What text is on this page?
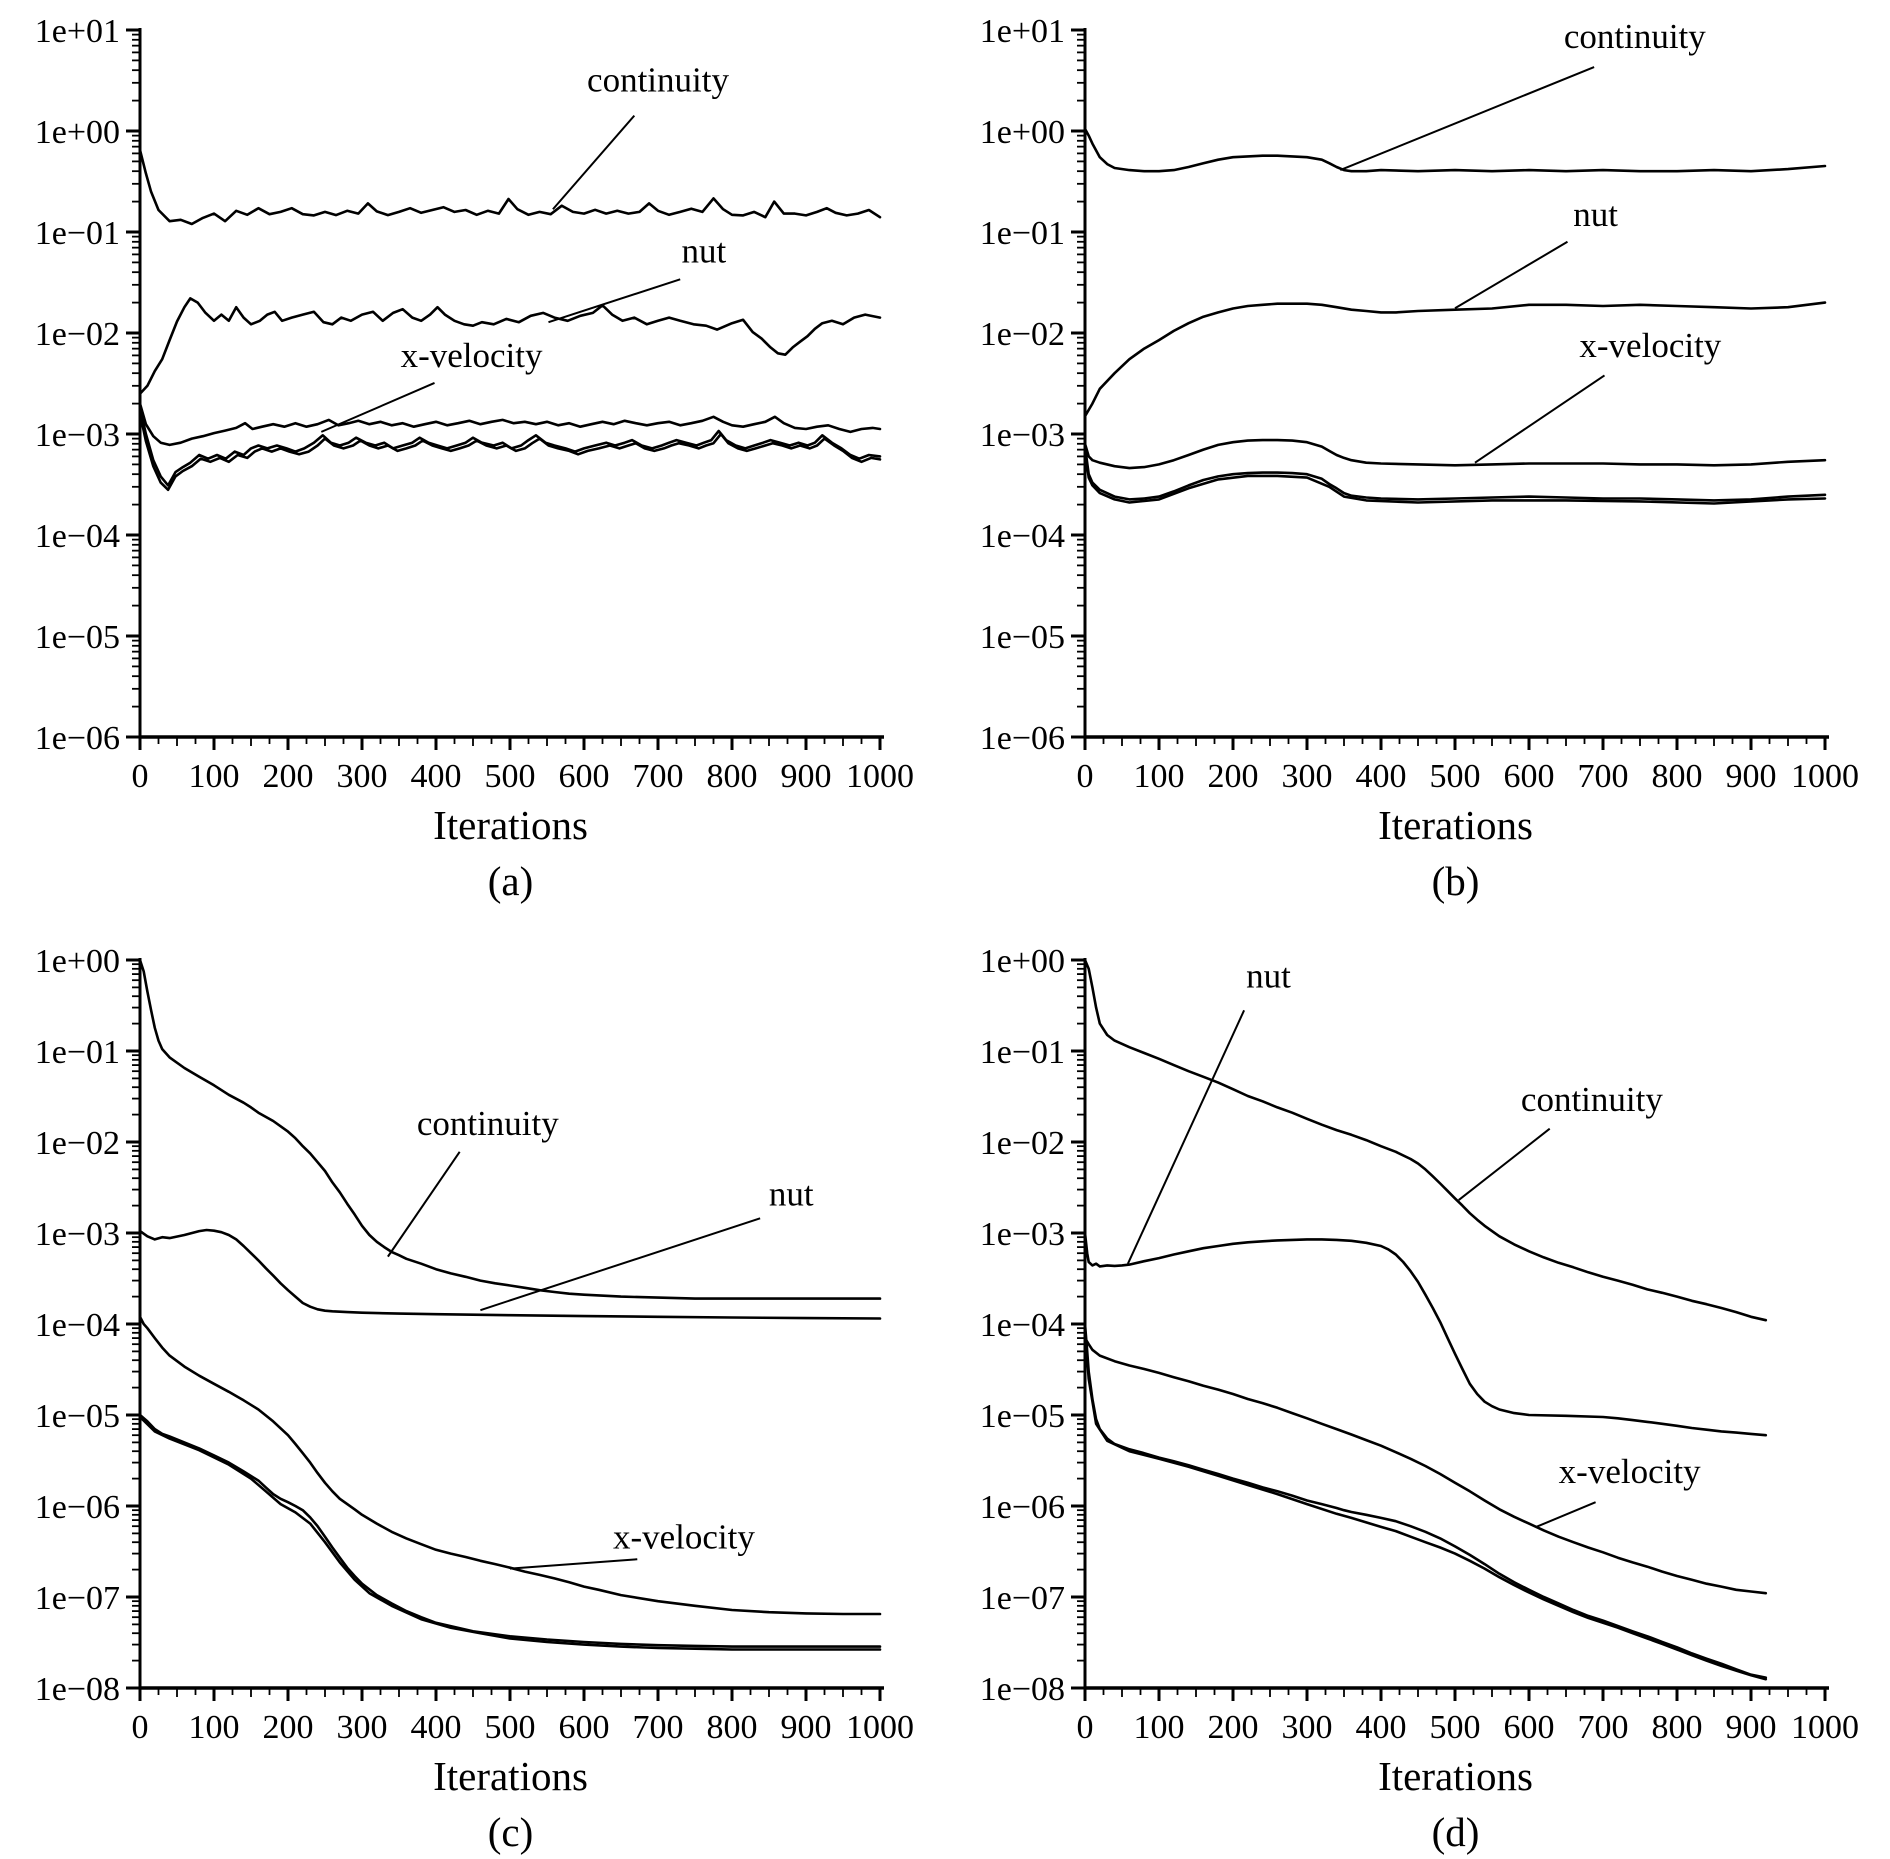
1e+01
1e+00
1e−01
1e−02
1e−03
1e−04
1e−05
1e−06
0 100 200 300 400 500 600 700 800 900 1000
continuity
nut
x-velocity
Iterations
(a)
1e+01
1e+00
1e−01
1e−02
1e−03
1e−04
1e−05
1e−06
0 100 200 300 400 500 600 700 800 900 1000
continuity
nut
x-velocity
Iterations
(b)
1e+00
1e−01
1e−02
1e−03
1e−04
1e−05
1e−06
1e−07
1e−08
0 100 200 300 400 500 600 700 800 900 1000
continuity
nut
x-velocity
Iterations
(c)
1e+00
1e−01
1e−02
1e−03
1e−04
1e−05
1e−06
1e−07
1e−08
0 100 200 300 400 500 600 700 800 900 1000
nut
continuity
x-velocity
Iterations
(d)
